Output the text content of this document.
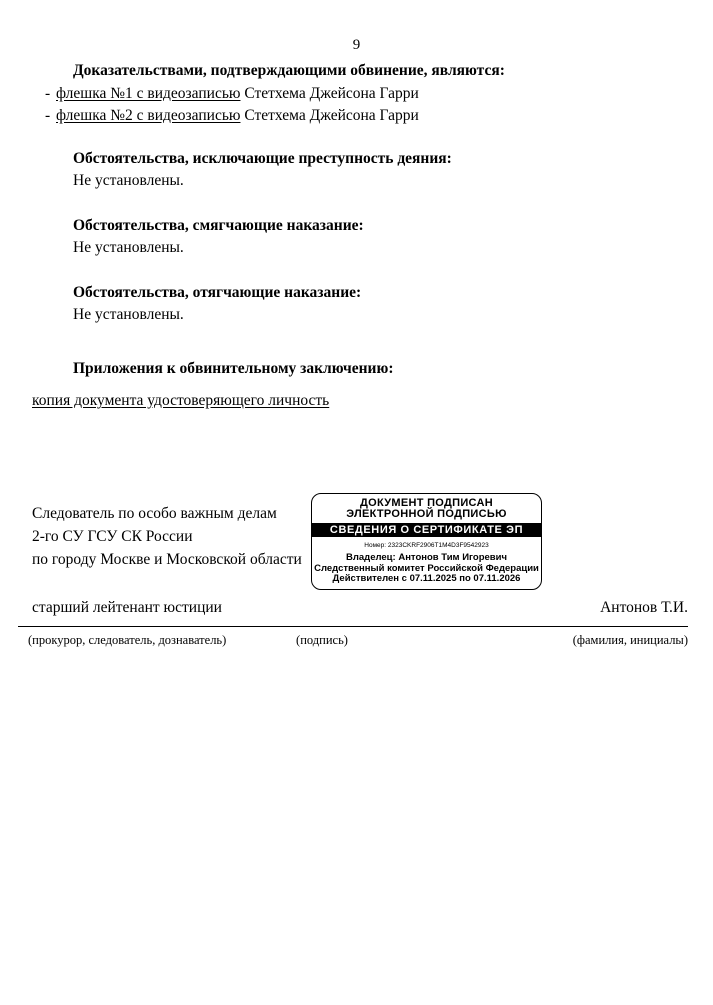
9
Доказательствами, подтверждающими обвинение, являются:
- флешка №1 с видеозаписью Стетхема Джейсона Гарри
- флешка №2 с видеозаписью Стетхема Джейсона Гарри
Обстоятельства, исключающие преступность деяния:
Не установлены.
Обстоятельства, смягчающие наказание:
Не установлены.
Обстоятельства, отягчающие наказание:
Не установлены.
Приложения к обвинительному заключению:
копия документа удостоверяющего личность
Следователь по особо важным делам
2-го СУ ГСУ СК России
по городу Москве и Московской области
ДОКУМЕНТ ПОДПИСАН
ЭЛЕКТРОННОЙ ПОДПИСЬЮ
СВЕДЕНИЯ О СЕРТИФИКАТЕ ЭП
Номер: 2323CKRF2906T1M4D3F9542923
Владелец: Антонов Тим Игоревич
Следственный комитет Российской Федерации
Действителен с 07.11.2025 по 07.11.2026
старший лейтенант юстиции	Антонов Т.И.
(прокурор, следователь, дознаватель)	(подпись)	(фамилия, инициалы)
